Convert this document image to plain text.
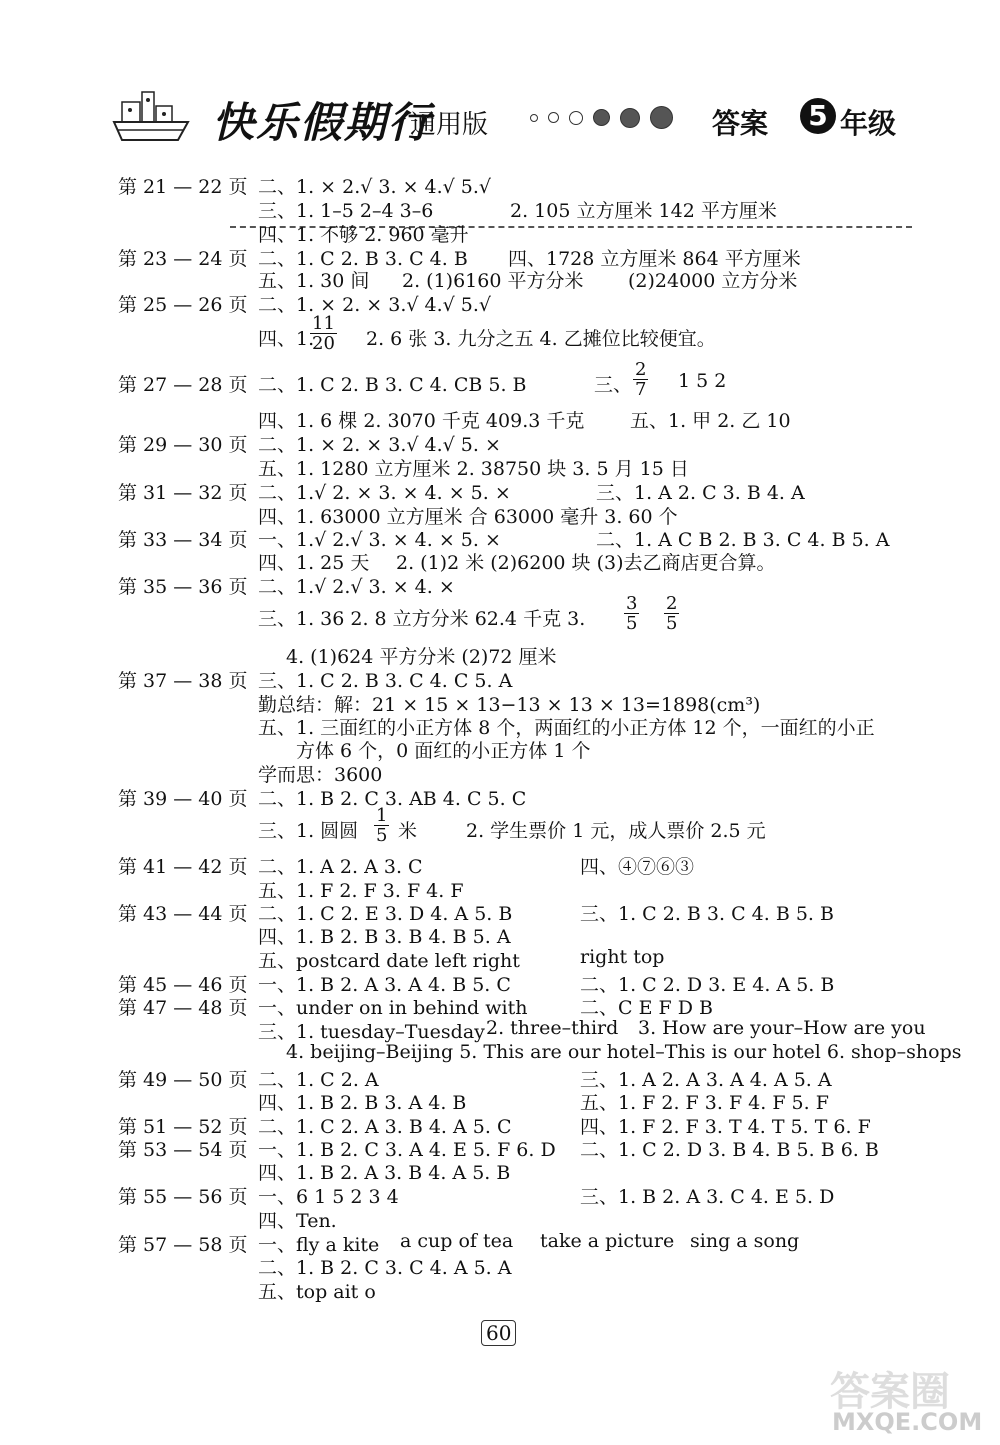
快乐假期行
通用版	答案 5 年级
第 21 — 22 页 二、1. × 2.√ 3. × 4.√ 5.√
三、1. 1–5 2–4 3–6	2. 105 立方厘米 142 平方厘米
四、1. 不够 2. 960 毫升
第 23 — 24 页 二、1. C 2. B 3. C 4. B 四、1728 立方厘米 864 平方厘米
五、1. 30 间 2. (1)6160 平方分米 (2)24000 立方分米
第 25 — 26 页 二、1. × 2. × 3.√ 4.√ 5.√
四、1.
$\frac{11}{20} 2$. 6 张 3. 九分之五 4. 乙摊位比较便宜。
第 27 — 28 页 二、1. C 2. B 3. C 4. CB 5. B	三、 $\frac{2}{7} 1$ 5 2
四、1. 6 棵 2. 3070 千克 409.3 千克 五、1. 甲 2. 乙 10
第 29 — 30 页 二、1. × 2. × 3.√ 4.√ 5. ×
五、1. 1280 立方厘米 2. 38750 块 3. 5 月 15 日
第 31 — 32 页 二、1.√ 2. × 3. × 4. × 5. ×	三、1. A 2. C 3. B 4. A
四、1. 63000 立方厘米 合 63000 毫升 3. 60 个
第 33 — 34 页 一、1.√ 2.√ 3. × 4. × 5. ×	二、1. A C B 2. B 3. C 4. B 5. A
四、1. 25 天 2. (1)2 米 (2)6200 块 (3)去乙商店更合算。
第 35 — 36 页 二、1.√ 2.√ 3. × 4. ×
三、1. 36 2. 8 立方分米 62.4 千克 3. $\frac{3}{5} \frac{2}{5}$
4. (1)624 平方分米 (2)72 厘米
第 37 — 38 页 三、1. C 2. B 3. C 4. C 5. A
勤总结：解：21 × 15 × 13−13 × 13 × 13=1898(cm³)
五、1. 三面红的小正方体 8 个，两面红的小正方体 12 个，一面红的小正
方体 6 个，0 面红的小正方体 1 个
学而思：3600
第 39 — 40 页 二、1. B 2. C 3. AB 4. C 5. C
三、1. 圆圆 $\frac{1}{5}$ 米	2. 学生票价 1 元，成人票价 2.5 元
第 41 — 42 页 二、1. A 2. A 3. C	四、④⑦⑥③
五、1. F 2. F 3. F 4. F
第 43 — 44 页 二、1. C 2. E 3. D 4. A 5. B	三、1. C 2. B 3. C 4. B 5. B
四、1. B 2. B 3. B 4. B 5. A
五、postcard date left right	right top
第 45 — 46 页 一、1. B 2. A 3. A 4. B 5. C	二、1. C 2. D 3. E 4. A 5. B
第 47 — 48 页 一、under on in behind with	二、C E F D B
三、1. tuesday–Tuesday 2. three–third 3. How are your–How are you
4. beijing–Beijing 5. This are our hotel–This is our hotel 6. shop–shops
第 49 — 50 页 二、1. C 2. A	三、1. A 2. A 3. A 4. A 5. A
四、1. B 2. B 3. A 4. B	五、1. F 2. F 3. F 4. F 5. F
第 51 — 52 页 二、1. C 2. A 3. B 4. A 5. C	四、1. F 2. F 3. T 4. T 5. T 6. F
第 53 — 54 页 一、1. B 2. C 3. A 4. E 5. F 6. D 二、1. C 2. D 3. B 4. B 5. B 6. B
四、1. B 2. A 3. B 4. A 5. B
第 55 — 56 页 一、6 1 5 2 3 4	三、1. B 2. A 3. C 4. E 5. D
四、Ten.
第 57 — 58 页 一、fly a kite a cup of tea take a picture sing a song
二、1. B 2. C 3. C 4. A 5. A
五、top ait o
60
答案圈
MXQE.COM
